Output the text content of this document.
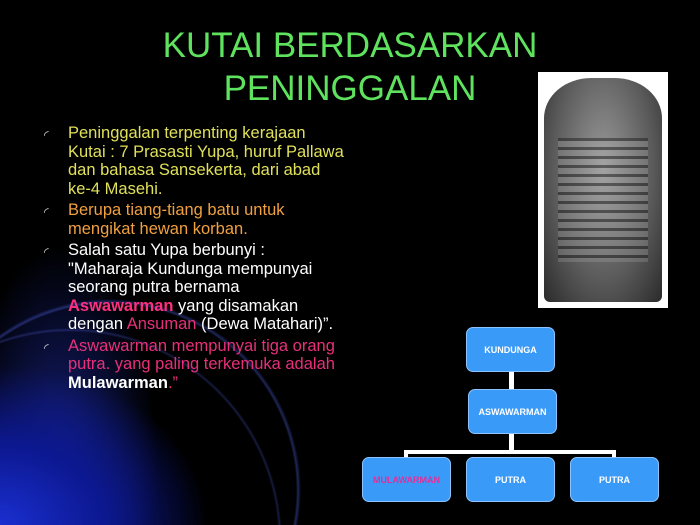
KUTAI BERDASARKAN
PENINGGALAN
◜ Peninggalan terpenting kerajaan Kutai : 7 Prasasti Yupa, huruf Pallawa dan bahasa Sansekerta, dari abad ke-4 Masehi.
◜ Berupa tiang-tiang batu untuk mengikat hewan korban.
◜ Salah satu Yupa berbunyi : "Maharaja Kundunga mempunyai seorang putra bernama Aswawarman yang disamakan dengan Ansuman (Dewa Matahari)”.
◜ Aswawarman mempunyai tiga orang putra. yang paling terkemuka adalah Mulawarman.”
KUNDUNGA
ASWAWARMAN
MULAWARMAN	PUTRA	PUTRA
